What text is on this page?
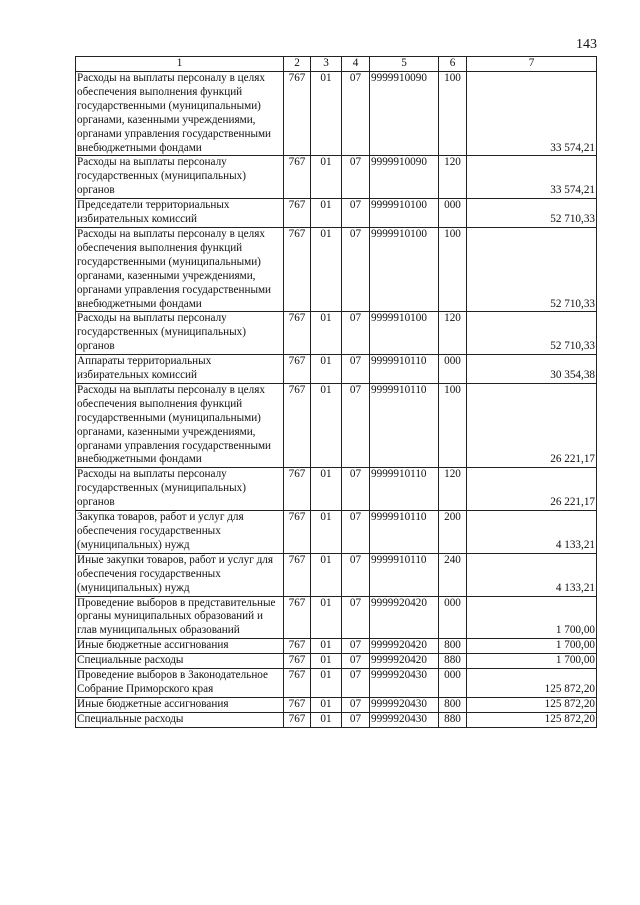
143
1	2	3	4	5	6	7
Расходы на выплаты персоналу в целях обеспечения выполнения функций государственными (муниципальными) органами, казенными учреждениями, органами управления государственными внебюджетными фондами	767	01	07	9999910090	100	33 574,21
Расходы на выплаты персоналу государственных (муниципальных) органов	767	01	07	9999910090	120	33 574,21
Председатели территориальных избирательных комиссий	767	01	07	9999910100	000	52 710,33
Расходы на выплаты персоналу в целях обеспечения выполнения функций государственными (муниципальными) органами, казенными учреждениями, органами управления государственными внебюджетными фондами	767	01	07	9999910100	100	52 710,33
Расходы на выплаты персоналу государственных (муниципальных) органов	767	01	07	9999910100	120	52 710,33
Аппараты территориальных избирательных комиссий	767	01	07	9999910110	000	30 354,38
Расходы на выплаты персоналу в целях обеспечения выполнения функций государственными (муниципальными) органами, казенными учреждениями, органами управления государственными внебюджетными фондами	767	01	07	9999910110	100	26 221,17
Расходы на выплаты персоналу государственных (муниципальных) органов	767	01	07	9999910110	120	26 221,17
Закупка товаров, работ и услуг для обеспечения государственных (муниципальных) нужд	767	01	07	9999910110	200	4 133,21
Иные закупки товаров, работ и услуг для обеспечения государственных (муниципальных) нужд	767	01	07	9999910110	240	4 133,21
Проведение выборов в представительные органы муниципальных образований и глав муниципальных образований	767	01	07	9999920420	000	1 700,00
Иные бюджетные ассигнования	767	01	07	9999920420	800	1 700,00
Специальные расходы	767	01	07	9999920420	880	1 700,00
Проведение выборов в Законодательное Собрание Приморского края	767	01	07	9999920430	000	125 872,20
Иные бюджетные ассигнования	767	01	07	9999920430	800	125 872,20
Специальные расходы	767	01	07	9999920430	880	125 872,20
